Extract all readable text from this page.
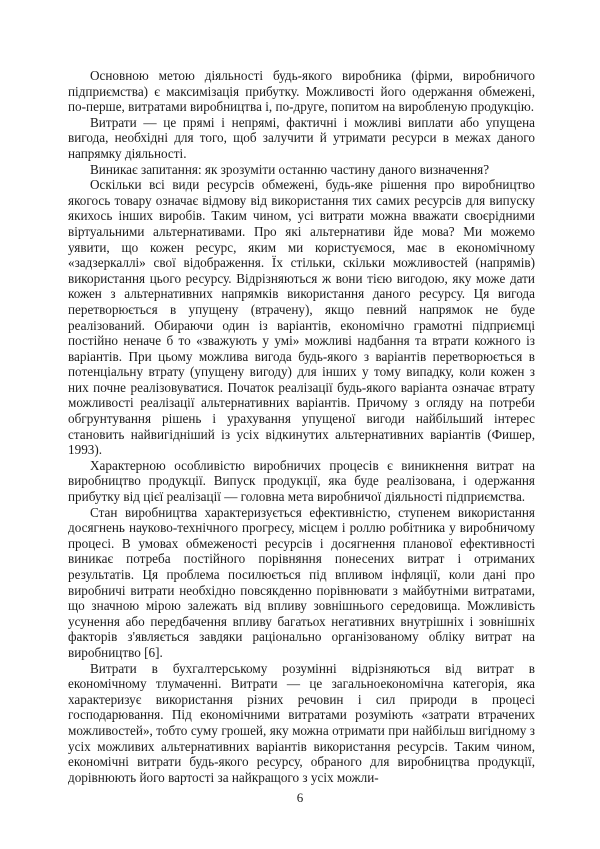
Основною метою діяльності будь-якого виробника (фірми, виробничого підприємства) є максимізація прибутку. Можливості його одержання обмежені, по-перше, витратами виробництва і, по-друге, попитом на виробленую продукцію.

Витрати — це прямі і непрямі, фактичні і можливі виплати або упущена вигода, необхідні для того, щоб залучити й утримати ресурси в межах даного напрямку діяльності.

Виникає запитання: як зрозуміти останню частину даного визначення?

Оскільки всі види ресурсів обмежені, будь-яке рішення про виробництво якогось товару означає відмову від використання тих самих ресурсів для випуску якихось інших виробів. Таким чином, усі витрати можна вважати своєрідними віртуальними альтернативами. Про які альтернативи йде мова? Ми можемо уявити, що кожен ресурс, яким ми користуємося, має в економічному «задзеркаллі» свої відображення. Їх стільки, скільки можливостей (напрямів) використання цього ресурсу. Відрізняються ж вони тією вигодою, яку може дати кожен з альтернативних напрямків використання даного ресурсу. Ця вигода перетворюється в упущену (втрачену), якщо певний напрямок не буде реалізований. Обираючи один із варіантів, економічно грамотні підприємці постійно неначе б то «зважують у умі» можливі надбання та втрати кожного із варіантів. При цьому можлива вигода будь-якого з варіантів перетворюється в потенціальну втрату (упущену вигоду) для інших у тому випадку, коли кожен з них почне реалізовуватися. Початок реалізації будь-якого варіанта означає втрату можливості реалізації альтернативних варіантів. Причому з огляду на потреби обгрунтування рішень і урахування упущеної вигоди найбільший інтерес становить найвигідніший із усіх відкинутих альтернативних варіантів (Фишер, 1993).

Характерною особливістю виробничих процесів є виникнення витрат на виробництво продукції. Випуск продукції, яка буде реалізована, і одержання прибутку від цієї реалізації — головна мета виробничої діяльності підприємства.

Стан виробництва характеризується ефективністю, ступенем використання досягнень науково-технічного прогресу, місцем і роллю робітника у виробничому процесі. В умовах обмеженості ресурсів і досягнення планової ефективності виникає потреба постійного порівняння понесених витрат і отриманих результатів. Ця проблема посилюється під впливом інфляції, коли дані про виробничі витрати необхідно повсякденно порівнювати з майбутніми витратами, що значною мірою залежать від впливу зовнішнього середовища. Можливість усунення або передбачення впливу багатьох негативних внутрішніх і зовнішніх факторів з'являється завдяки раціонально організованому обліку витрат на виробництво [6].

Витрати в бухгалтерському розумінні відрізняються від витрат в економічному тлумаченні. Витрати — це загальноекономічна категорія, яка характеризує використання різних речовин і сил природи в процесі господарювання. Під економічними витратами розуміють «затрати втрачених можливостей», тобто суму грошей, яку можна отримати при найбільш вигідному з усіх можливих альтернативних варіантів використання ресурсів. Таким чином, економічні витрати будь-якого ресурсу, обраного для виробництва продукції, дорівнюють його вартості за найкращого з усіх можли-

6
